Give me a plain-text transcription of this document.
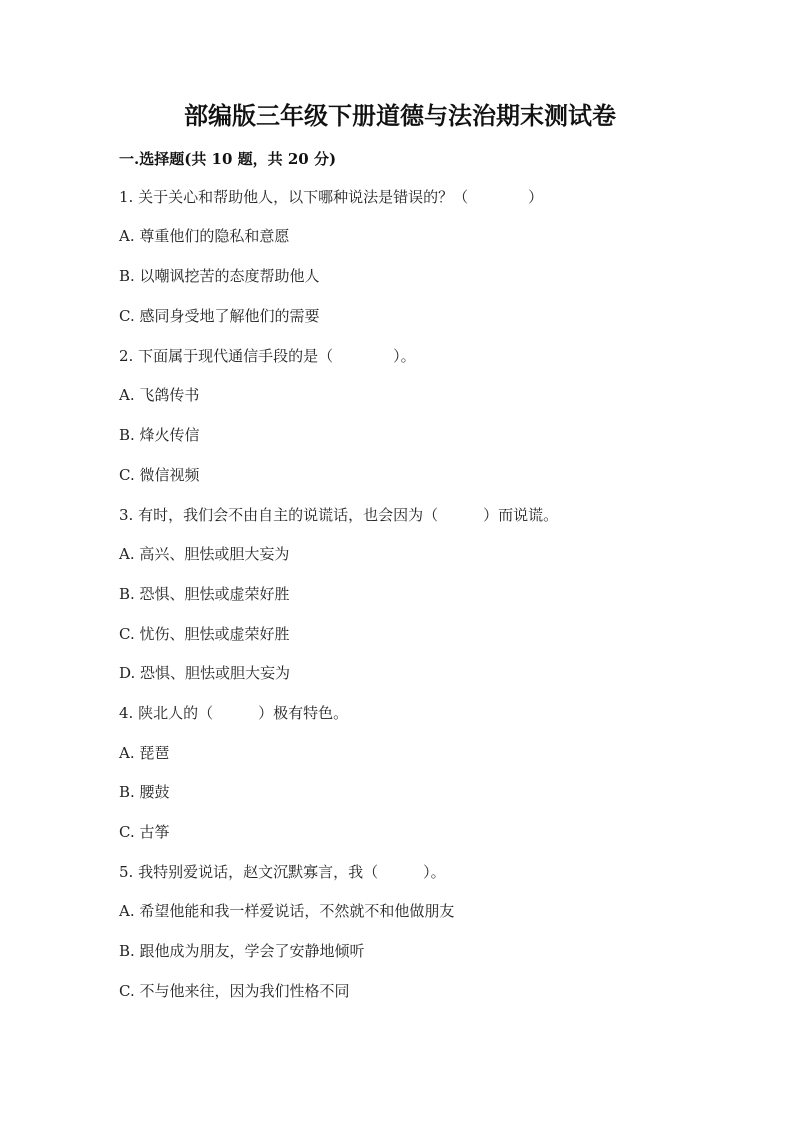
部编版三年级下册道德与法治期末测试卷
一.选择题(共 10 题，共 20 分)
1. 关于关心和帮助他人，以下哪种说法是错误的？（　　　　）
A. 尊重他们的隐私和意愿
B. 以嘲讽挖苦的态度帮助他人
C. 感同身受地了解他们的需要
2. 下面属于现代通信手段的是（　　　　）。
A. 飞鸽传书
B. 烽火传信
C. 微信视频
3. 有时，我们会不由自主的说谎话，也会因为（　　　）而说谎。
A. 高兴、胆怯或胆大妄为
B. 恐惧、胆怯或虚荣好胜
C. 忧伤、胆怯或虚荣好胜
D. 恐惧、胆怯或胆大妄为
4. 陕北人的（　　　）极有特色。
A. 琵琶
B. 腰鼓
C. 古筝
5. 我特别爱说话，赵文沉默寡言，我（　　　）。
A. 希望他能和我一样爱说话，不然就不和他做朋友
B. 跟他成为朋友，学会了安静地倾听
C. 不与他来往，因为我们性格不同
